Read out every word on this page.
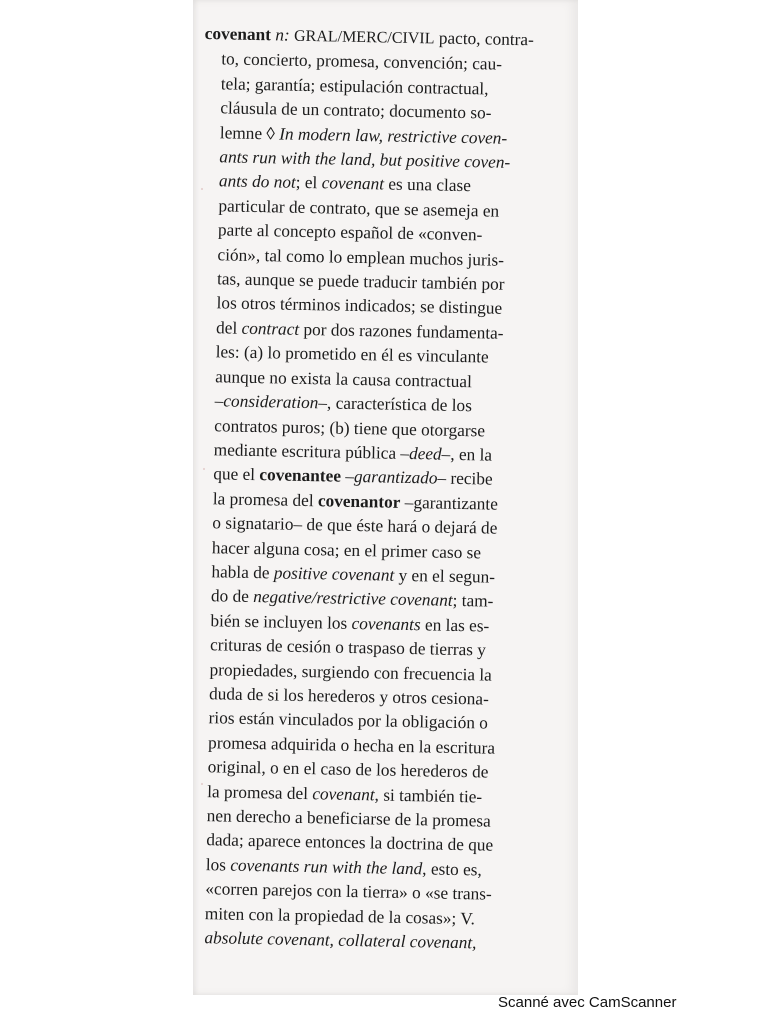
·
·
·
covenant n: GRAL/MERC/CIVIL pacto, contra-
to, concierto, promesa, convención; cau-
tela; garantía; estipulación contractual,
cláusula de un contrato; documento so-
lemne ◊ In modern law, restrictive coven-
ants run with the land, but positive coven-
ants do not; el covenant es una clase
particular de contrato, que se asemeja en
parte al concepto español de «conven-
ción», tal como lo emplean muchos juris-
tas, aunque se puede traducir también por
los otros términos indicados; se distingue
del contract por dos razones fundamenta-
les: (a) lo prometido en él es vinculante
aunque no exista la causa contractual
–consideration–, característica de los
contratos puros; (b) tiene que otorgarse
mediante escritura pública –deed–, en la
que el covenantee –garantizado– recibe
la promesa del covenantor –garantizante
o signatario– de que éste hará o dejará de
hacer alguna cosa; en el primer caso se
habla de positive covenant y en el segun-
do de negative/restrictive covenant; tam-
bién se incluyen los covenants en las es-
crituras de cesión o traspaso de tierras y
propiedades, surgiendo con frecuencia la
duda de si los herederos y otros cesiona-
rios están vinculados por la obligación o
promesa adquirida o hecha en la escritura
original, o en el caso de los herederos de
la promesa del covenant, si también tie-
nen derecho a beneficiarse de la promesa
dada; aparece entonces la doctrina de que
los covenants run with the land, esto es,
«corren parejos con la tierra» o «se trans-
miten con la propiedad de la cosas»; V.
absolute covenant, collateral covenant,
Scanné avec CamScanner
